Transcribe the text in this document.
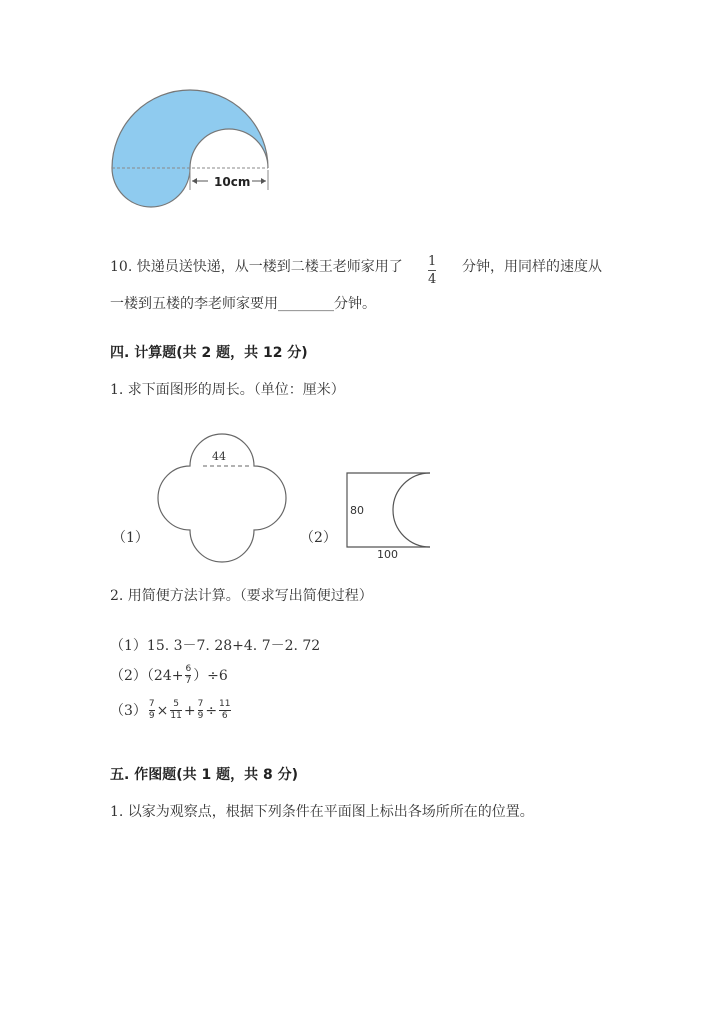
10cm
10. 快递员送快递，从一楼到二楼王老师家用了 1
4
分钟，用同样的速度从
一楼到五楼的李老师家要用________分钟。
四. 计算题(共 2 题，共 12 分)
1. 求下面图形的周长。（单位：厘米）
44
（1）	（2）
80
100
2. 用简便方法计算。（要求写出简便过程）
（1）15. 3－7. 28+4. 7－2. 72
（2）（24+ 6
7 ）÷6
（3） 7
9 × 5
11 + 7
9 ÷ 11
6
五. 作图题(共 1 题，共 8 分)
1. 以家为观察点，根据下列条件在平面图上标出各场所所在的位置。
